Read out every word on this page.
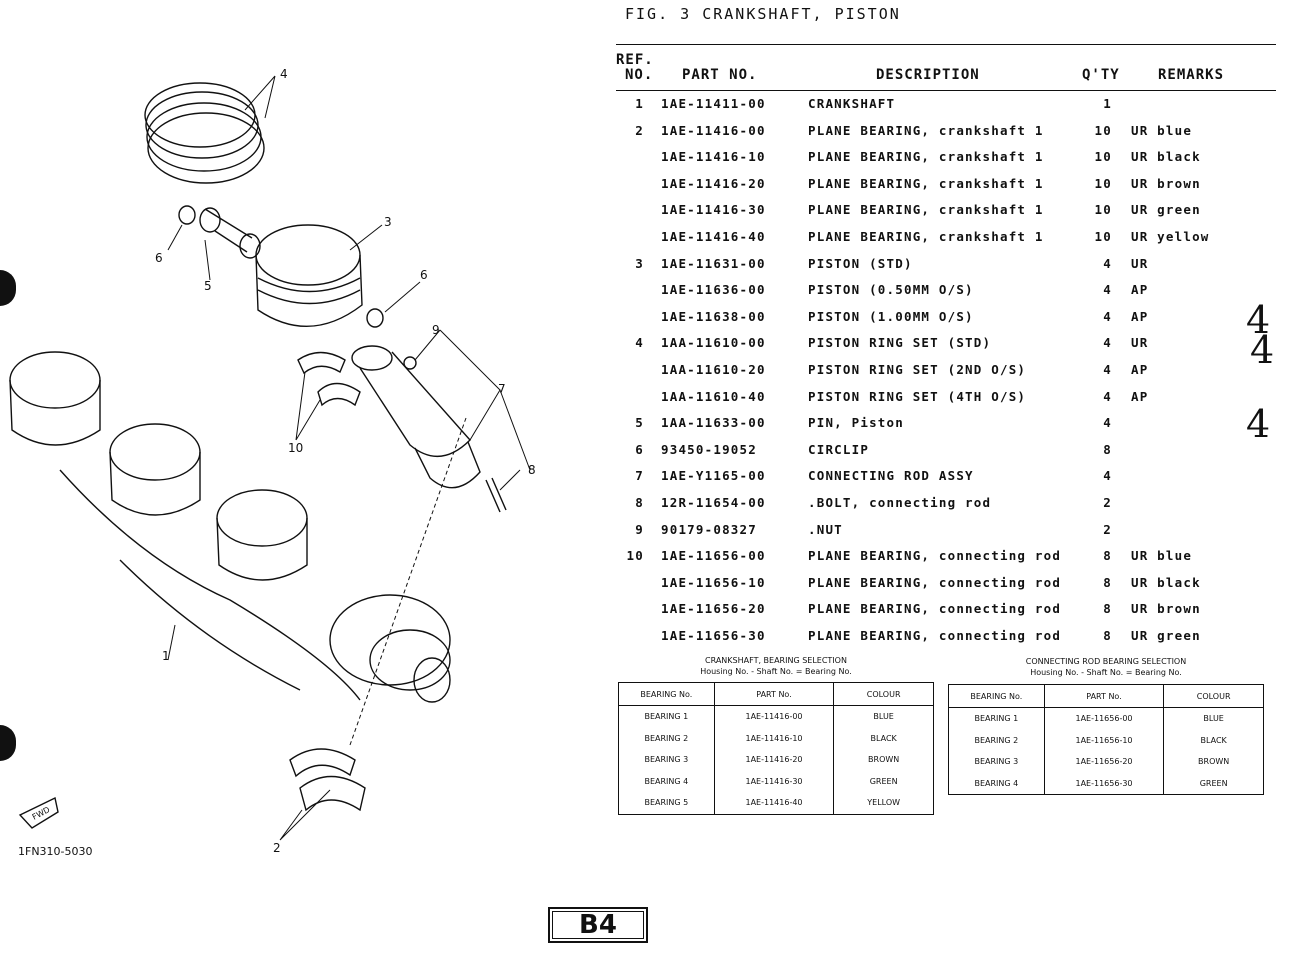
4
3
6
6
5
9
7
10
8
1
2
FWD
1FN310-5030
FIG. 3 CRANKSHAFT, PISTON
REF.
NO. PART NO.	DESCRIPTION	Q'TY	REMARKS
1 1AE-11411-00	CRANKSHAFT	1
2 1AE-11416-00	PLANE BEARING, crankshaft 1	10 UR blue
1AE-11416-10	PLANE BEARING, crankshaft 1	10 UR black
1AE-11416-20	PLANE BEARING, crankshaft 1	10 UR brown
1AE-11416-30	PLANE BEARING, crankshaft 1	10 UR green
1AE-11416-40	PLANE BEARING, crankshaft 1	10 UR yellow
3 1AE-11631-00	PISTON (STD)	4 UR
1AE-11636-00	PISTON (0.50MM O/S)	4 AP
1AE-11638-00	PISTON (1.00MM O/S)	4 AP
4 1AA-11610-00	PISTON RING SET (STD)	4 UR
1AA-11610-20	PISTON RING SET (2ND O/S)	4 AP
1AA-11610-40	PISTON RING SET (4TH O/S)	4 AP
5 1AA-11633-00	PIN, Piston	4
6 93450-19052	CIRCLIP	8
7 1AE-Y1165-00	CONNECTING ROD ASSY	4
8 12R-11654-00	.BOLT, connecting rod	2
9 90179-08327	.NUT	2
10 1AE-11656-00	PLANE BEARING, connecting rod	8 UR blue
1AE-11656-10	PLANE BEARING, connecting rod	8 UR black
1AE-11656-20	PLANE BEARING, connecting rod	8 UR brown
1AE-11656-30	PLANE BEARING, connecting rod	8 UR green
4
4
4
CRANKSHAFT, BEARING SELECTION
Housing No. - Shaft No. = Bearing No.
BEARING No.	PART No.	COLOUR
BEARING 1	1AE-11416-00	BLUE
BEARING 2	1AE-11416-10	BLACK
BEARING 3	1AE-11416-20	BROWN
BEARING 4	1AE-11416-30	GREEN
BEARING 5	1AE-11416-40	YELLOW
CONNECTING ROD BEARING SELECTION
Housing No. - Shaft No. = Bearing No.
BEARING No.	PART No.	COLOUR
BEARING 1	1AE-11656-00	BLUE
BEARING 2	1AE-11656-10	BLACK
BEARING 3	1AE-11656-20	BROWN
BEARING 4	1AE-11656-30	GREEN
B4
